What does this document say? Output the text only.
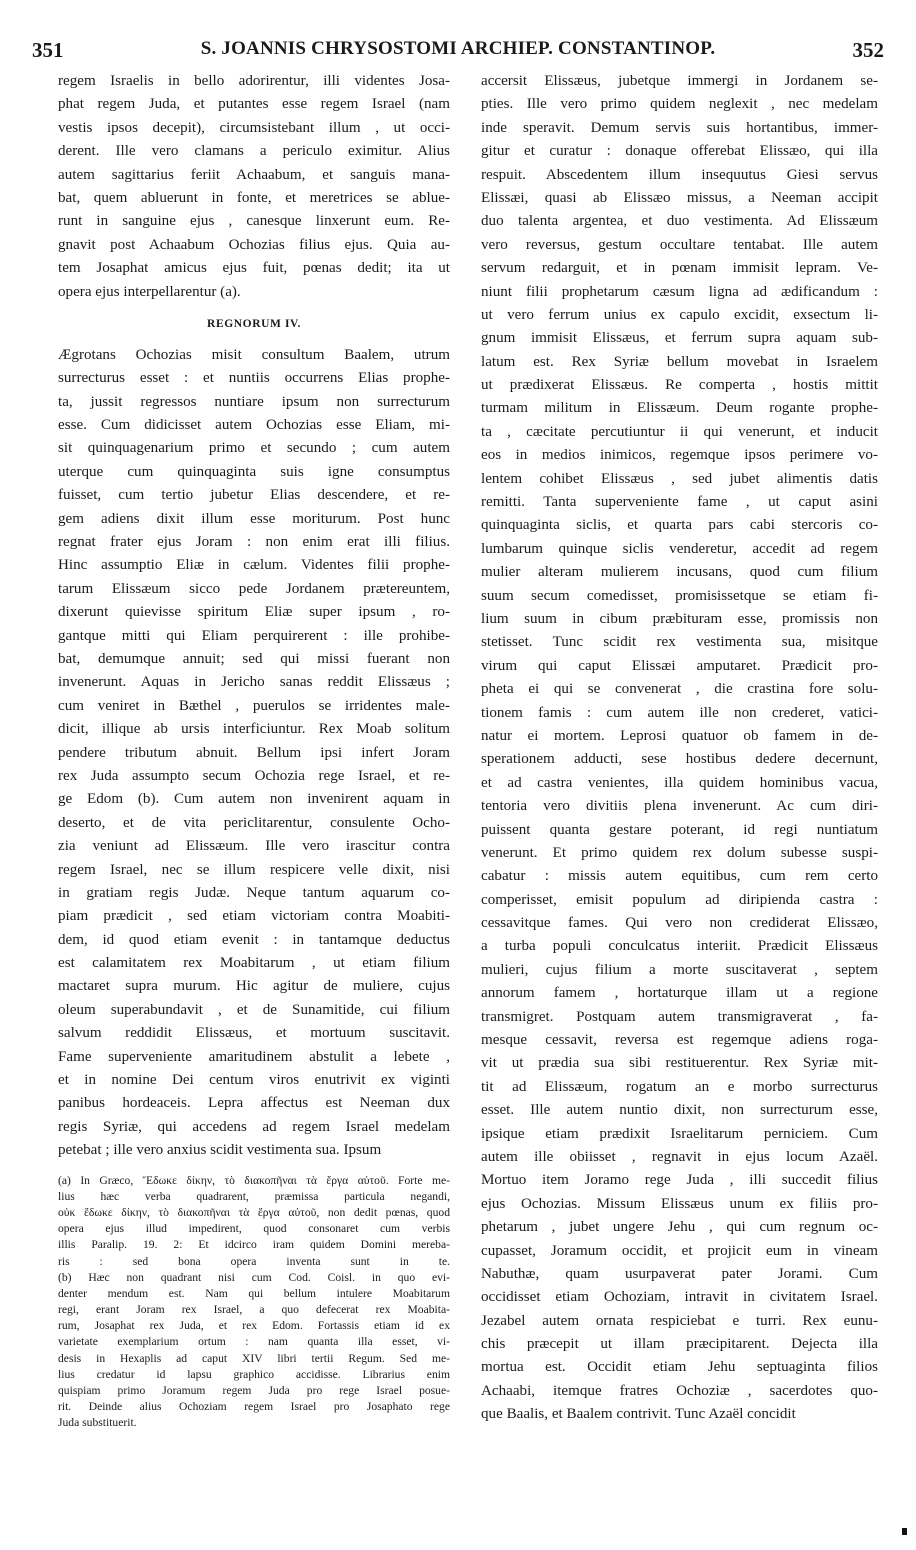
351	S. JOANNIS CHRYSOSTOMI ARCHIEP. CONSTANTINOP.	352
regem Israelis in bello adorirentur, illi videntes Josa-
phat regem Juda, et putantes esse regem Israel (nam
vestis ipsos decepit), circumsistebant illum , ut occi-
derent. Ille vero clamans a periculo eximitur. Alius
autem sagittarius feriit Achaabum, et sanguis mana-
bat, quem abluerunt in fonte, et meretrices se ablue-
runt in sanguine ejus , canesque linxerunt eum. Re-
gnavit post Achaabum Ochozias filius ejus. Quia au-
tem Josaphat amicus ejus fuit, pœnas dedit; ita ut
opera ejus interpellarentur (a).
REGNORUM IV.
Ægrotans Ochozias misit consultum Baalem, utrum
surrecturus esset : et nuntiis occurrens Elias prophe-
ta, jussit regressos nuntiare ipsum non surrecturum
esse. Cum didicisset autem Ochozias esse Eliam, mi-
sit quinquagenarium primo et secundo ; cum autem
uterque cum quinquaginta suis igne consumptus
fuisset, cum tertio jubetur Elias descendere, et re-
gem adiens dixit illum esse moriturum. Post hunc
regnat frater ejus Joram : non enim erat illi filius.
Hinc assumptio Eliæ in cælum. Videntes filii prophe-
tarum Elissæum sicco pede Jordanem prætereuntem,
dixerunt quievisse spiritum Eliæ super ipsum , ro-
gantque mitti qui Eliam perquirerent : ille prohibe-
bat, demumque annuit; sed qui missi fuerant non
invenerunt. Aquas in Jericho sanas reddit Elissæus ;
cum veniret in Bæthel , puerulos se irridentes male-
dicit, illique ab ursis interficiuntur. Rex Moab solitum
pendere tributum abnuit. Bellum ipsi infert Joram
rex Juda assumpto secum Ochozia rege Israel, et re-
ge Edom (b). Cum autem non invenirent aquam in
deserto, et de vita periclitarentur, consulente Ocho-
zia veniunt ad Elissæum. Ille vero irascitur contra
regem Israel, nec se illum respicere velle dixit, nisi
in gratiam regis Judæ. Neque tantum aquarum co-
piam prædicit , sed etiam victoriam contra Moabiti-
dem, id quod etiam evenit : in tantamque deductus
est calamitatem rex Moabitarum , ut etiam filium
mactaret supra murum. Hic agitur de muliere, cujus
oleum superabundavit , et de Sunamitide, cui filium
salvum reddidit Elissæus, et mortuum suscitavit.
Fame superveniente amaritudinem abstulit a lebete ,
et in nomine Dei centum viros enutrivit ex viginti
panibus hordeaceis. Lepra affectus est Neeman dux
regis Syriæ, qui accedens ad regem Israel medelam
petebat ; ille vero anxius scidit vestimenta sua. Ipsum
(a) In Græco, Ἔδωκε δίκην, τὸ διακοπῆναι τὰ ἔργα αὐτοῦ. Forte me-
lius hæc verba quadrarent, præmissa particula negandi,
οὐκ ἔδωκε δίκην, τὸ διακοπῆναι τὰ ἔργα αὐτοῦ, non dedit pœnas, quod
opera ejus illud impedirent, quod consonaret cum verbis
illis Paralip. 19. 2: Et idcirco iram quidem Domini mereba-
ris : sed bona opera inventa sunt in te.
(b) Hæc non quadrant nisi cum Cod. Coisl. in quo evi-
denter mendum est. Nam qui bellum intulere Moabitarum
regi, erant Joram rex Israel, a quo defecerat rex Moabita-
rum, Josaphat rex Juda, et rex Edom. Fortassis etiam id ex
varietate exemplarium ortum : nam quanta illa esset, vi-
desis in Hexaplis ad caput XIV libri tertii Regum. Sed me-
lius credatur id lapsu graphico accidisse. Librarius enim
quispiam primo Joramum regem Juda pro rege Israel posue-
rit. Deinde alius Ochoziam regem Israel pro Josaphato rege
Juda substituerit.
accersit Elissæus, jubetque immergi in Jordanem se-
pties. Ille vero primo quidem neglexit , nec medelam
inde speravit. Demum servis suis hortantibus, immer-
gitur et curatur : donaque offerebat Elissæo, qui illa
respuit. Abscedentem illum insequutus Giesi servus
Elissæi, quasi ab Elissæo missus, a Neeman accipit
duo talenta argentea, et duo vestimenta. Ad Elissæum
vero reversus, gestum occultare tentabat. Ille autem
servum redarguit, et in pœnam immisit lepram. Ve-
niunt filii prophetarum cæsum ligna ad ædificandum :
ut vero ferrum unius ex capulo excidit, exsectum li-
gnum immisit Elissæus, et ferrum supra aquam sub-
latum est. Rex Syriæ bellum movebat in Israelem
ut prædixerat Elissæus. Re comperta , hostis mittit
turmam militum in Elissæum. Deum rogante prophe-
ta , cæcitate percutiuntur ii qui venerunt, et inducit
eos in medios inimicos, regemque ipsos perimere vo-
lentem cohibet Elissæus , sed jubet alimentis datis
remitti. Tanta superveniente fame , ut caput asini
quinquaginta siclis, et quarta pars cabi stercoris co-
lumbarum quinque siclis venderetur, accedit ad regem
mulier alteram mulierem incusans, quod cum filium
suum secum comedisset, promisissetque se etiam fi-
lium suum in cibum præbituram esse, promissis non
stetisset. Tunc scidit rex vestimenta sua, misitque
virum qui caput Elissæi amputaret. Prædicit pro-
pheta ei qui se convenerat , die crastina fore solu-
tionem famis : cum autem ille non crederet, vatici-
natur ei mortem. Leprosi quatuor ob famem in de-
sperationem adducti, sese hostibus dedere decernunt,
et ad castra venientes, illa quidem hominibus vacua,
tentoria vero divitiis plena invenerunt. Ac cum diri-
puissent quanta gestare poterant, id regi nuntiatum
venerunt. Et primo quidem rex dolum subesse suspi-
cabatur : missis autem equitibus, cum rem certo
comperisset, emisit populum ad diripienda castra :
cessavitque fames. Qui vero non crediderat Elissæo,
a turba populi conculcatus interiit. Prædicit Elissæus
mulieri, cujus filium a morte suscitaverat , septem
annorum famem , hortaturque illam ut a regione
transmigret. Postquam autem transmigraverat , fa-
mesque cessavit, reversa est regemque adiens roga-
vit ut prædia sua sibi restituerentur. Rex Syriæ mit-
tit ad Elissæum, rogatum an e morbo surrecturus
esset. Ille autem nuntio dixit, non surrecturum esse,
ipsique etiam prædixit Israelitarum perniciem. Cum
autem ille obiisset , regnavit in ejus locum Azaël.
Mortuo item Joramo rege Juda , illi succedit filius
ejus Ochozias. Missum Elissæus unum ex filiis pro-
phetarum , jubet ungere Jehu , qui cum regnum oc-
cupasset, Joramum occidit, et projicit eum in vineam
Nabuthæ, quam usurpaverat pater Jorami. Cum
occidisset etiam Ochoziam, intravit in civitatem Israel.
Jezabel autem ornata respiciebat e turri. Rex eunu-
chis præcepit ut illam præcipitarent. Dejecta illa
mortua est. Occidit etiam Jehu septuaginta filios
Achaabi, itemque fratres Ochoziæ , sacerdotes quo-
que Baalis, et Baalem contrivit. Tunc Azaël concidit
